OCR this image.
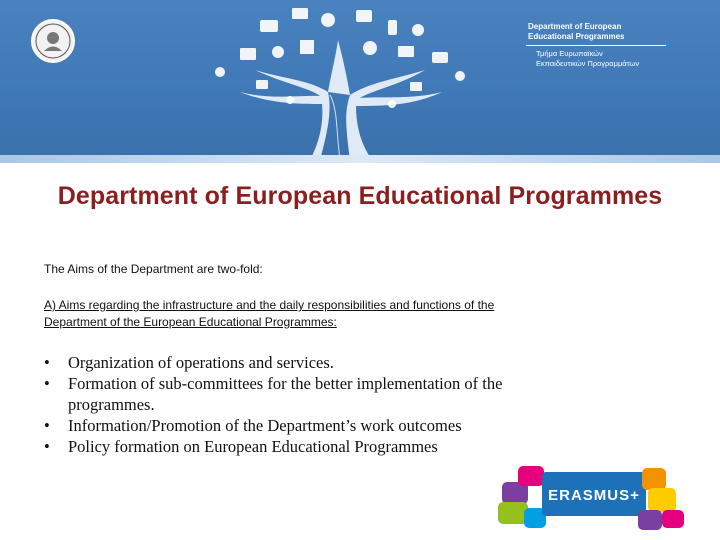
Department of European
Educational Programmes
Τμήμα Ευρωπαϊκών
Εκπαιδευτικών Προγραμμάτων
Department of European Educational Programmes
The Aims of the Department are two-fold:
A) Aims regarding the infrastructure and the daily responsibilities and functions of the
Department of the European Educational Programmes:
•	Organization of operations and services.
•	Formation of sub-committees for the better implementation of the
programmes.
•	Information/Promotion of the Department’s work outcomes
•	Policy formation on European Educational Programmes
ERASMUS+
